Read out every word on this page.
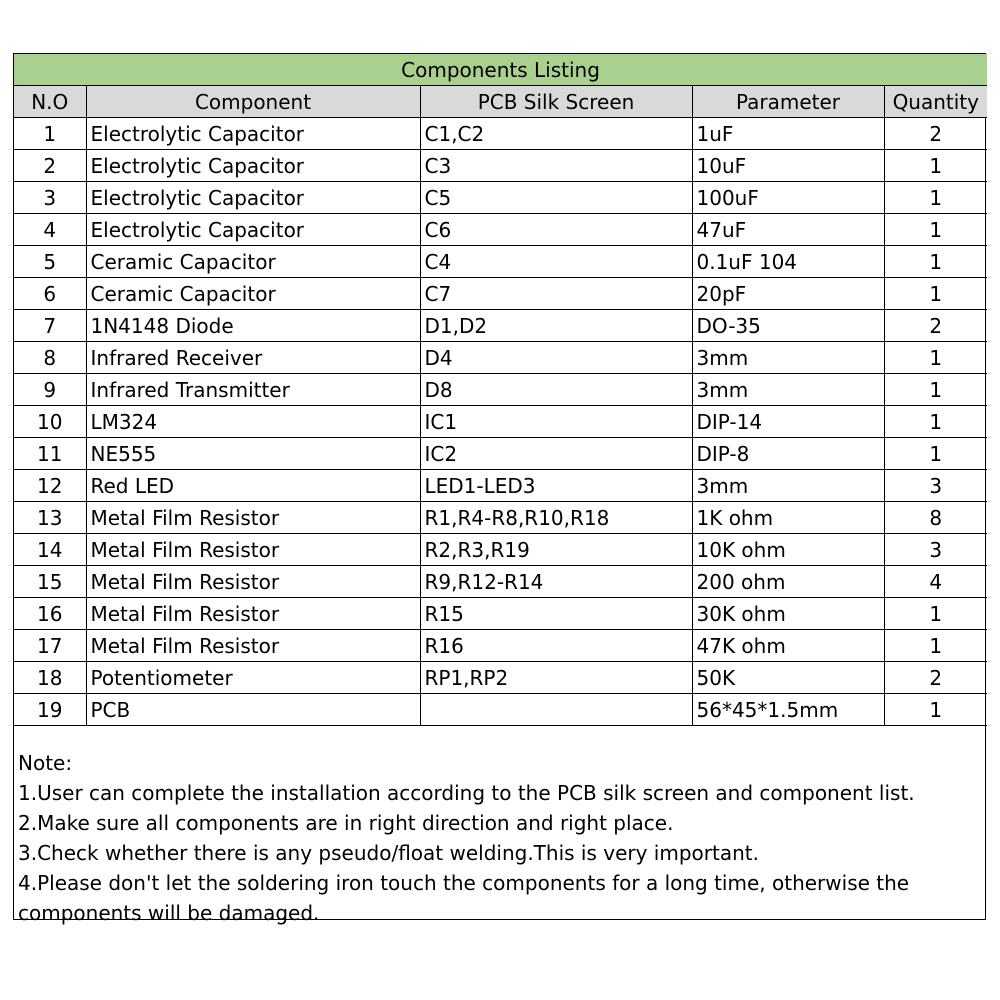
Components Listing				
N.O	Component	PCB Silk Screen	Parameter	Quantity
1	Electrolytic Capacitor	C1,C2	1uF	2
2	Electrolytic Capacitor	C3	10uF	1
3	Electrolytic Capacitor	C5	100uF	1
4	Electrolytic Capacitor	C6	47uF	1
5	Ceramic Capacitor	C4	0.1uF 104	1
6	Ceramic Capacitor	C7	20pF	1
7	1N4148 Diode	D1,D2	DO-35	2
8	Infrared Receiver	D4	3mm	1
9	Infrared Transmitter	D8	3mm	1
10	LM324	IC1	DIP-14	1
11	NE555	IC2	DIP-8	1
12	Red LED	LED1-LED3	3mm	3
13	Metal Film Resistor	R1,R4-R8,R10,R18	1K ohm	8
14	Metal Film Resistor	R2,R3,R19	10K ohm	3
15	Metal Film Resistor	R9,R12-R14	200 ohm	4
16	Metal Film Resistor	R15	30K ohm	1
17	Metal Film Resistor	R16	47K ohm	1
18	Potentiometer	RP1,RP2	50K	2
19	PCB		56*45*1.5mm	1
Note:
1.User can complete the installation according to the PCB silk screen and component list.
2.Make sure all components are in right direction and right place.
3.Check whether there is any pseudo/float welding.This is very important.
4.Please don't let the soldering iron touch the components for a long time, otherwise the
components will be damaged.
